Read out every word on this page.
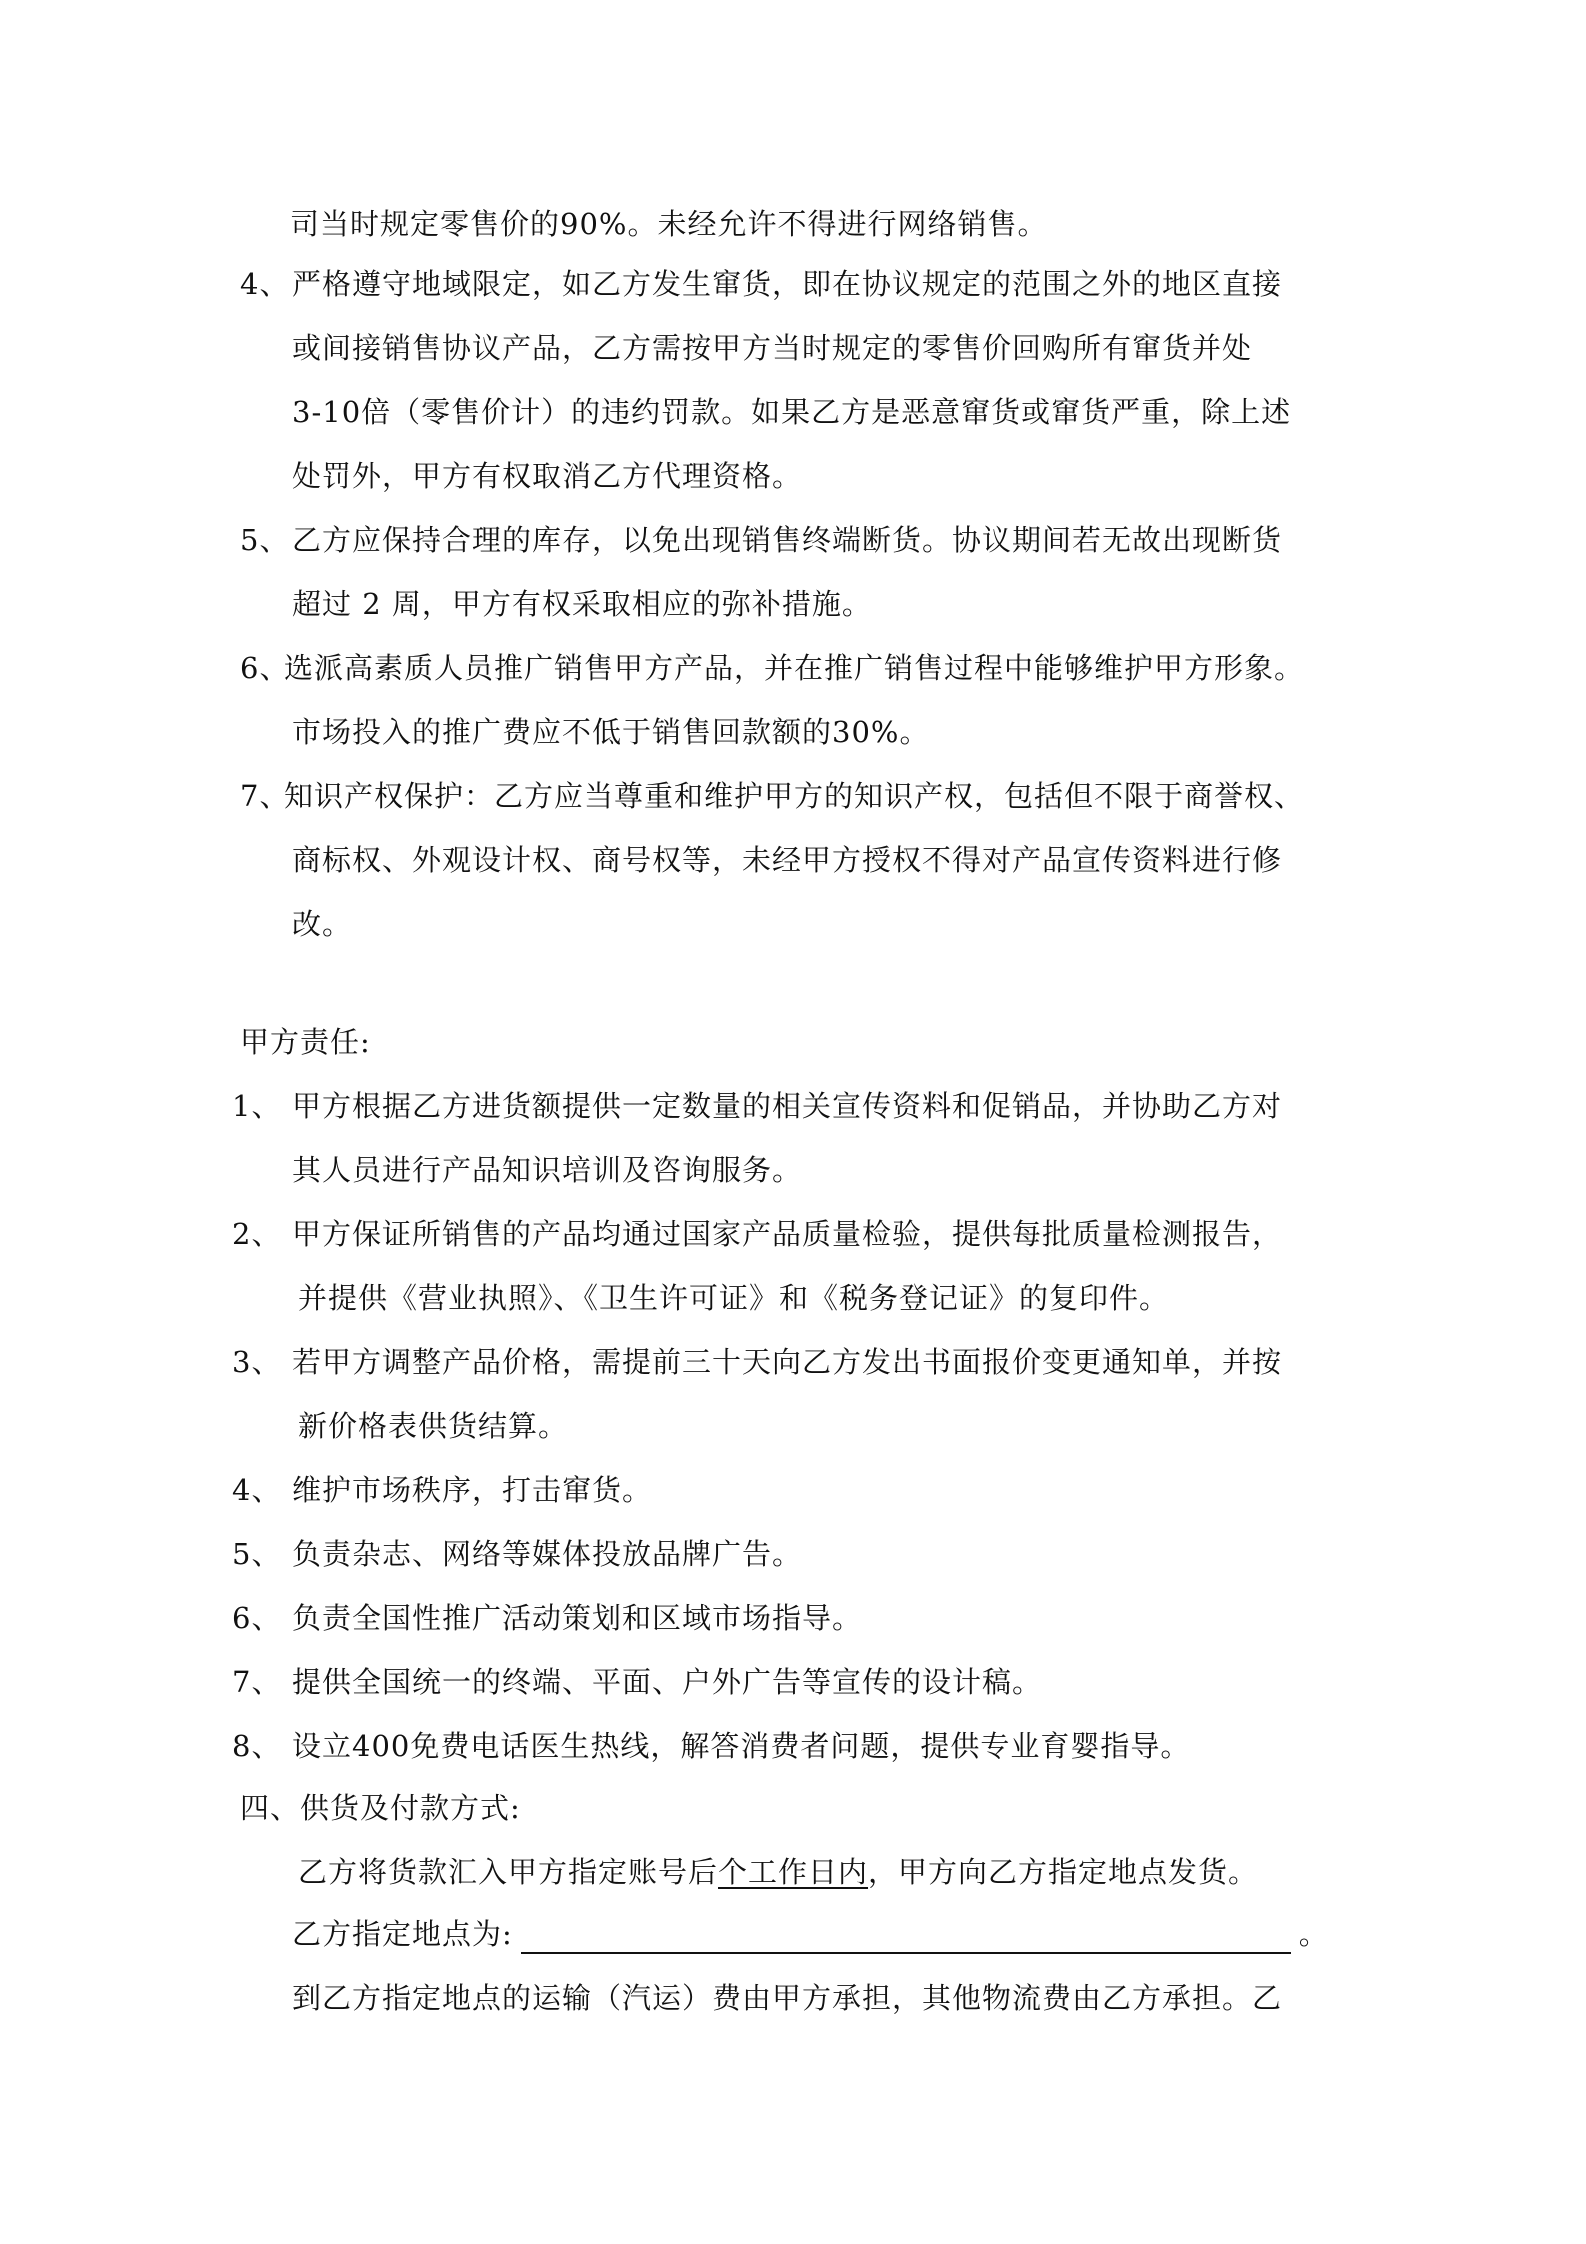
司当时规定零售价的90%。未经允许不得进行网络销售。
4、 严格遵守地域限定，如乙方发生窜货，即在协议规定的范围之外的地区直接
或间接销售协议产品，乙方需按甲方当时规定的零售价回购所有窜货并处
3-10倍（零售价计）的违约罚款。如果乙方是恶意窜货或窜货严重，除上述
处罚外，甲方有权取消乙方代理资格。
5、 乙方应保持合理的库存，以免出现销售终端断货。协议期间若无故出现断货
超过 2 周，甲方有权采取相应的弥补措施。
6、
选派高素质人员推广销售甲方产品，并在推广销售过程中能够维护甲方形象。
市场投入的推广费应不低于销售回款额的30%。
7、
知识产权保护：乙方应当尊重和维护甲方的知识产权，包括但不限于商誉权、
商标权、外观设计权、商号权等，未经甲方授权不得对产品宣传资料进行修
改。
甲方责任:
1、 甲方根据乙方进货额提供一定数量的相关宣传资料和促销品，并协助乙方对
其人员进行产品知识培训及咨询服务。
2、 甲方保证所销售的产品均通过国家产品质量检验，提供每批质量检测报告，
并提供《营业执照》、《卫生许可证》和《税务登记证》的复印件。
3、 若甲方调整产品价格，需提前三十天向乙方发出书面报价变更通知单，并按
新价格表供货结算。
4、 维护市场秩序，打击窜货。
5、 负责杂志、网络等媒体投放品牌广告。
6、 负责全国性推广活动策划和区域市场指导。
7、 提供全国统一的终端、平面、户外广告等宣传的设计稿。
8、 设立400免费电话医生热线，解答消费者问题，提供专业育婴指导。
四、供货及付款方式:
乙方将货款汇入甲方指定账号后个工作日内，甲方向乙方指定地点发货。
乙方指定地点为:	。
到乙方指定地点的运输（汽运）费由甲方承担，其他物流费由乙方承担。乙
